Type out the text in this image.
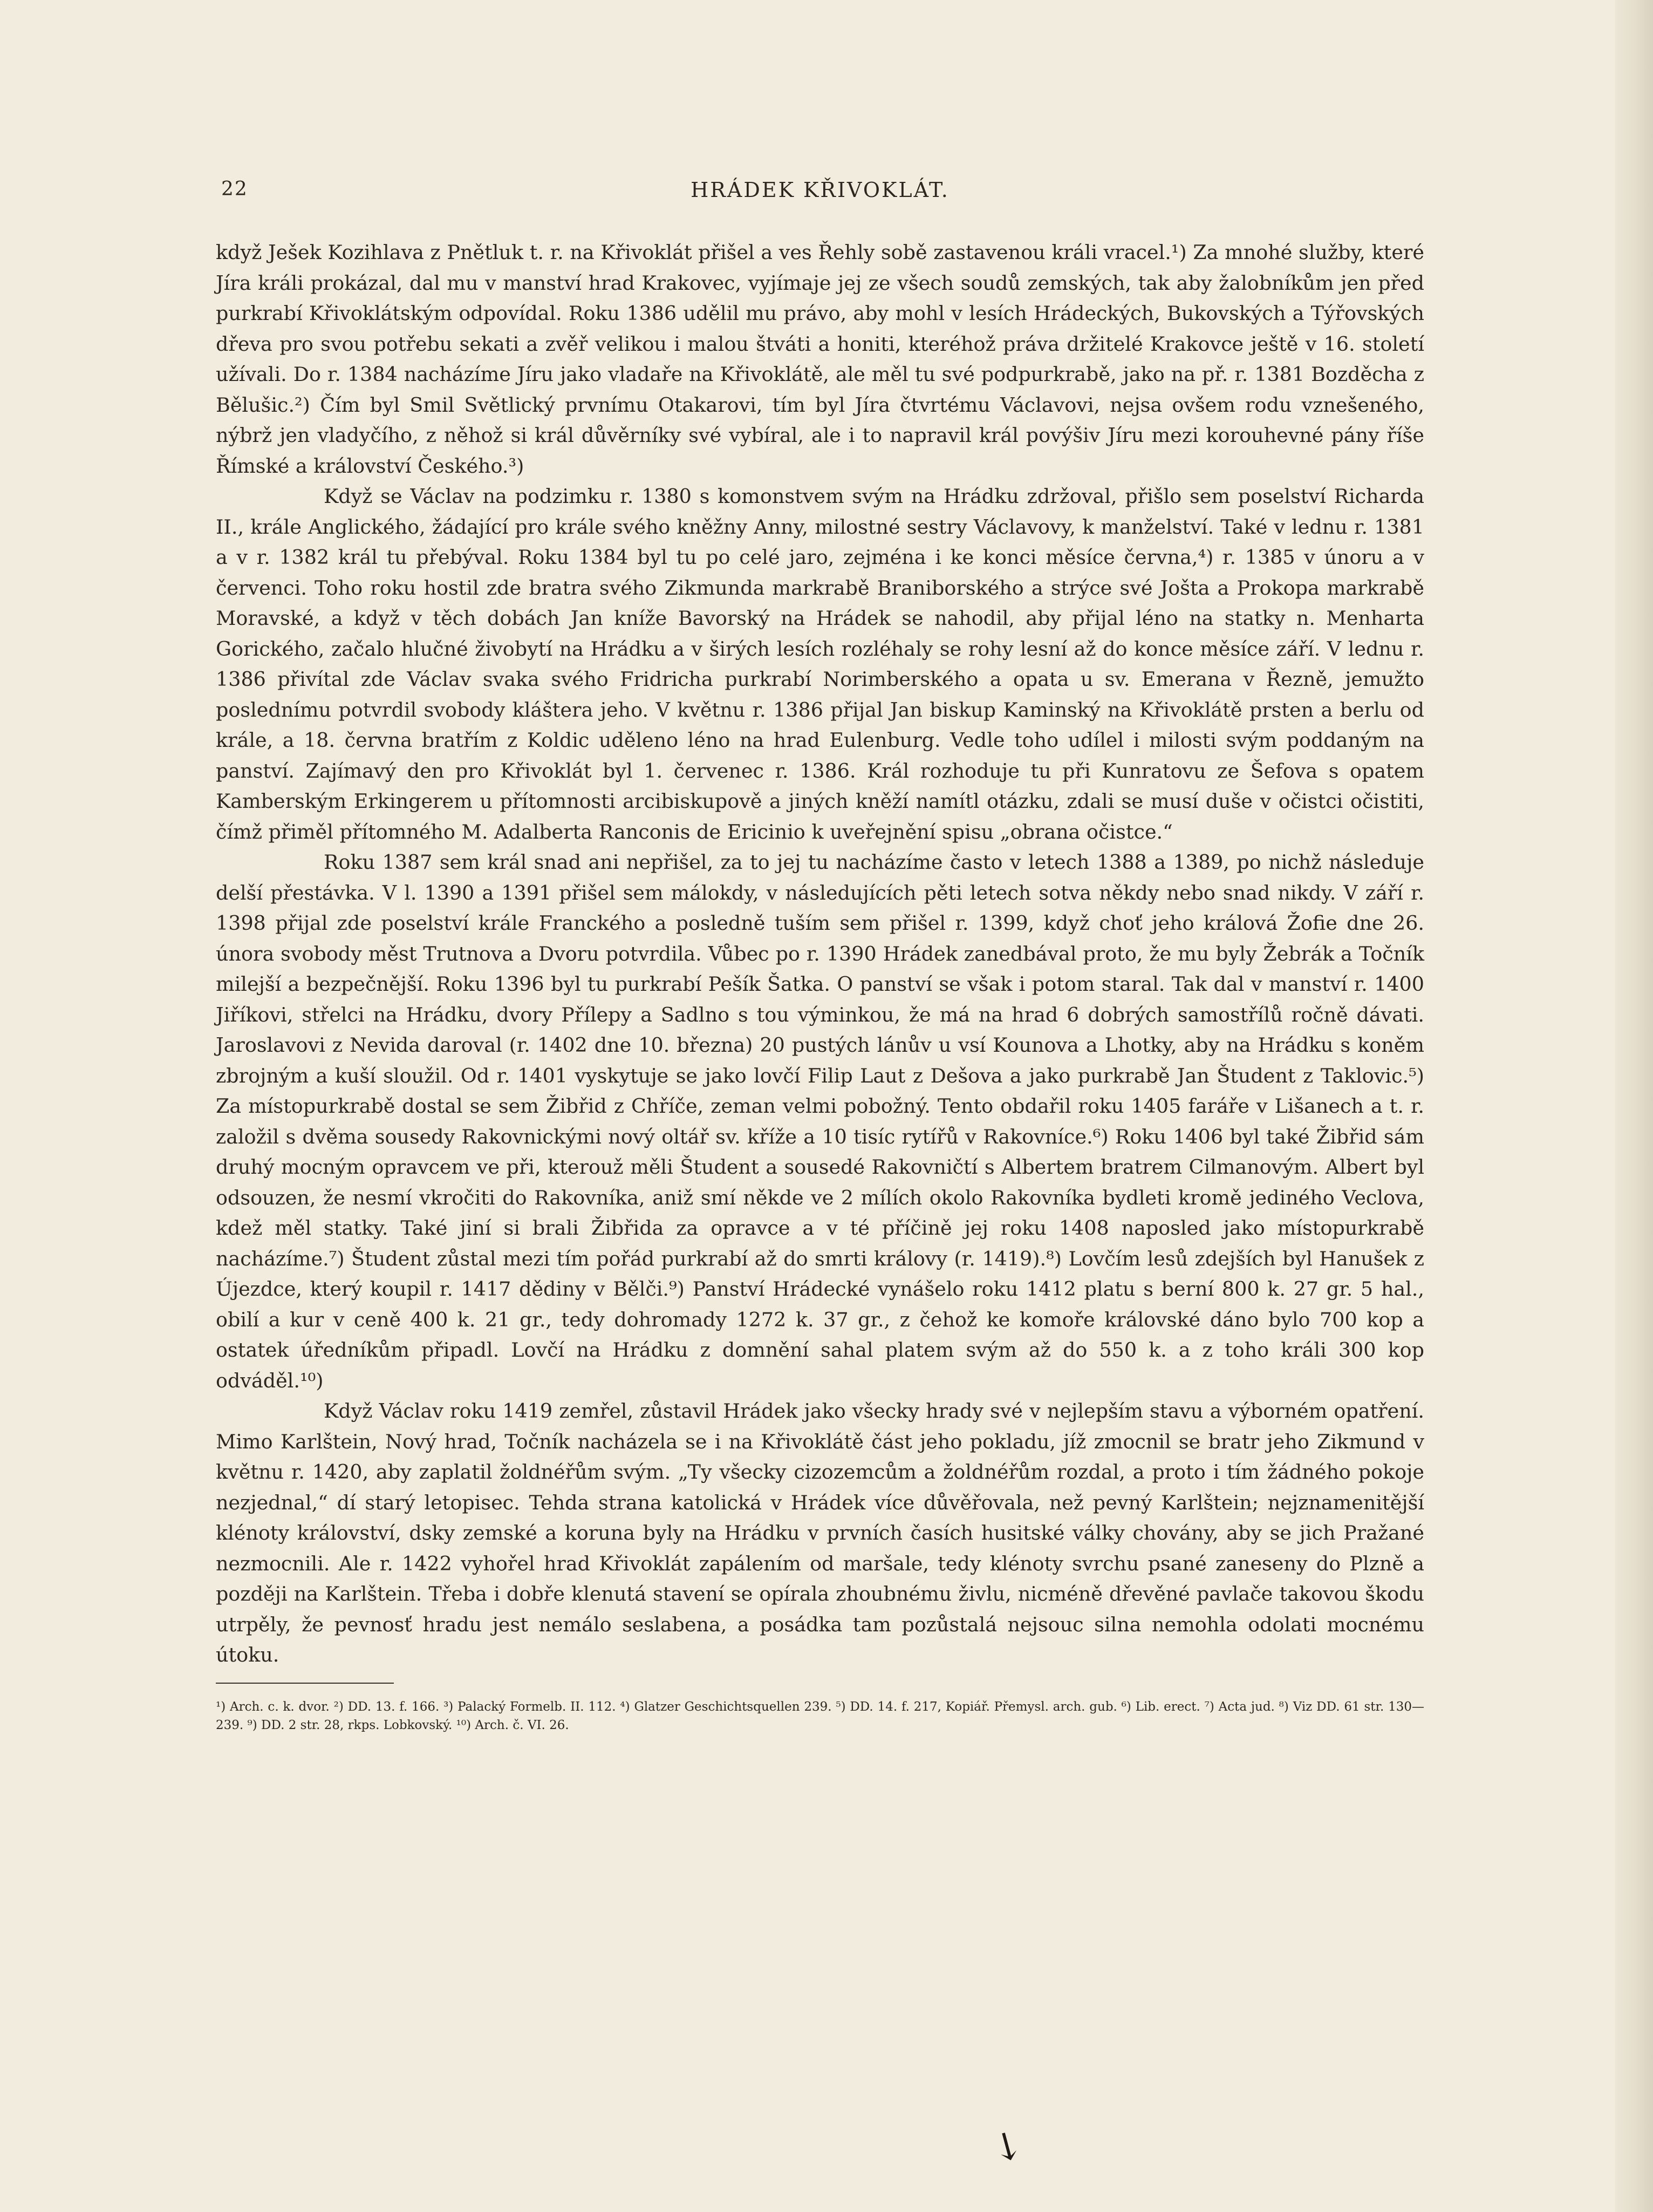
22	HRÁDEK KŘIVOKLÁT.

když Ješek Kozihlava z Pnětluk t. r. na Křivoklát přišel a ves Řehly sobě zastavenou králi vracel.¹) Za mnohé služby, které Jíra králi prokázal, dal mu v manství hrad Krakovec, vyjímaje jej ze všech soudů zemských, tak aby žalobníkům jen před purkrabí Křivoklátským odpovídal. Roku 1386 udělil mu právo, aby mohl v lesích Hrádeckých, Bukovských a Týřovských dřeva pro svou potřebu sekati a zvěř velikou i malou štváti a honiti, kteréhož práva držitelé Krakovce ještě v 16. století užívali. Do r. 1384 nacházíme Jíru jako vladaře na Křivoklátě, ale měl tu své podpurkrabě, jako na př. r. 1381 Bozděcha z Bělušic.²) Čím byl Smil Světlický prvnímu Otakarovi, tím byl Jíra čtvrtému Václavovi, nejsa ovšem rodu vznešeného, nýbrž jen vladyčího, z něhož si král důvěrníky své vybíral, ale i to napravil král povýšiv Jíru mezi korouhevné pány říše Římské a království Českého.³)

Když se Václav na podzimku r. 1380 s komonstvem svým na Hrádku zdržoval, přišlo sem poselství Richarda II., krále Anglického, žádající pro krále svého kněžny Anny, milostné sestry Václavovy, k manželství. Také v lednu r. 1381 a v r. 1382 král tu přebýval. Roku 1384 byl tu po celé jaro, zejména i ke konci měsíce června,⁴) r. 1385 v únoru a v červenci. Toho roku hostil zde bratra svého Zikmunda markrabě Braniborského a strýce své Jošta a Prokopa markrabě Moravské, a když v těch dobách Jan kníže Bavorský na Hrádek se nahodil, aby přijal léno na statky n. Menharta Gorického, začalo hlučné živobytí na Hrádku a v širých lesích rozléhaly se rohy lesní až do konce měsíce září. V lednu r. 1386 přivítal zde Václav svaka svého Fridricha purkrabí Norimberského a opata u sv. Emerana v Řezně, jemužto poslednímu potvrdil svobody kláštera jeho. V květnu r. 1386 přijal Jan biskup Kaminský na Křivoklátě prsten a berlu od krále, a 18. června bratřím z Koldic uděleno léno na hrad Eulenburg. Vedle toho udílel i milosti svým poddaným na panství. Zajímavý den pro Křivoklát byl 1. červenec r. 1386. Král rozhoduje tu při Kunratovu ze Šefova s opatem Kamberským Erkingerem u přítomnosti arcibiskupově a jiných kněží namítl otázku, zdali se musí duše v očistci očistiti, čímž přiměl přítomného M. Adalberta Ranconis de Ericinio k uveřejnění spisu „obrana očistce.“

Roku 1387 sem král snad ani nepřišel, za to jej tu nacházíme často v letech 1388 a 1389, po nichž následuje delší přestávka. V l. 1390 a 1391 přišel sem málokdy, v následujících pěti letech sotva někdy nebo snad nikdy. V září r. 1398 přijal zde poselství krále Franckého a posledně tuším sem přišel r. 1399, když choť jeho králová Žofie dne 26. února svobody měst Trutnova a Dvoru potvrdila. Vůbec po r. 1390 Hrádek zanedbával proto, že mu byly Žebrák a Točník milejší a bezpečnější. Roku 1396 byl tu purkrabí Pešík Šatka. O panství se však i potom staral. Tak dal v manství r. 1400 Jiříkovi, střelci na Hrádku, dvory Přílepy a Sadlno s tou výminkou, že má na hrad 6 dobrých samostřílů ročně dávati. Jaroslavovi z Nevida daroval (r. 1402 dne 10. března) 20 pustých lánův u vsí Kounova a Lhotky, aby na Hrádku s koněm zbrojným a kuší sloužil. Od r. 1401 vyskytuje se jako lovčí Filip Laut z Dešova a jako purkrabě Jan Študent z Taklovic.⁵) Za místopurkrabě dostal se sem Žibřid z Chříče, zeman velmi pobožný. Tento obdařil roku 1405 faráře v Lišanech a t. r. založil s dvěma sousedy Rakovnickými nový oltář sv. kříže a 10 tisíc rytířů v Rakovníce.⁶) Roku 1406 byl také Žibřid sám druhý mocným opravcem ve při, kterouž měli Študent a sousedé Rakovničtí s Albertem bratrem Cilmanovým. Albert byl odsouzen, že nesmí vkročiti do Rakovníka, aniž smí někde ve 2 mílích okolo Rakovníka bydleti kromě jediného Veclova, kdež měl statky. Také jiní si brali Žibřida za opravce a v té příčině jej roku 1408 naposled jako místopurkrabě nacházíme.⁷) Študent zůstal mezi tím pořád purkrabí až do smrti královy (r. 1419).⁸) Lovčím lesů zdejších byl Hanušek z Újezdce, který koupil r. 1417 dědiny v Bělči.⁹) Panství Hrádecké vynášelo roku 1412 platu s berní 800 k. 27 gr. 5 hal., obilí a kur v ceně 400 k. 21 gr., tedy dohromady 1272 k. 37 gr., z čehož ke komoře královské dáno bylo 700 kop a ostatek úředníkům připadl. Lovčí na Hrádku z domnění sahal platem svým až do 550 k. a z toho králi 300 kop odváděl.¹⁰)

Když Václav roku 1419 zemřel, zůstavil Hrádek jako všecky hrady své v nejlepším stavu a výborném opatření. Mimo Karlštein, Nový hrad, Točník nacházela se i na Křivoklátě část jeho pokladu, jíž zmocnil se bratr jeho Zikmund v květnu r. 1420, aby zaplatil žoldnéřům svým. „Ty všecky cizozemcům a žoldnéřům rozdal, a proto i tím žádného pokoje nezjednal,“ dí starý letopisec. Tehda strana katolická v Hrádek více důvěřovala, než pevný Karlštein; nejznamenitější klénoty království, dsky zemské a koruna byly na Hrádku v prvních časích husitské války chovány, aby se jich Pražané nezmocnili. Ale r. 1422 vyhořel hrad Křivoklát zapálením od maršale, tedy klénoty svrchu psané zaneseny do Plzně a později na Karlštein. Třeba i dobře klenutá stavení se opírala zhoubnému živlu, nicméně dřevěné pavlače takovou škodu utrpěly, že pevnosť hradu jest nemálo seslabena, a posádka tam pozůstalá nejsouc silna nemohla odolati mocnému útoku.

¹) Arch. c. k. dvor. ²) DD. 13. f. 166. ³) Palacký Formelb. II. 112. ⁴) Glatzer Geschichtsquellen 239. ⁵) DD. 14. f. 217, Kopiář. Přemysl. arch. gub. ⁶) Lib. erect. ⁷) Acta jud. ⁸) Viz DD. 61 str. 130—239. ⁹) DD. 2 str. 28, rkps. Lobkovský. ¹⁰) Arch. č. VI. 26.
↘
